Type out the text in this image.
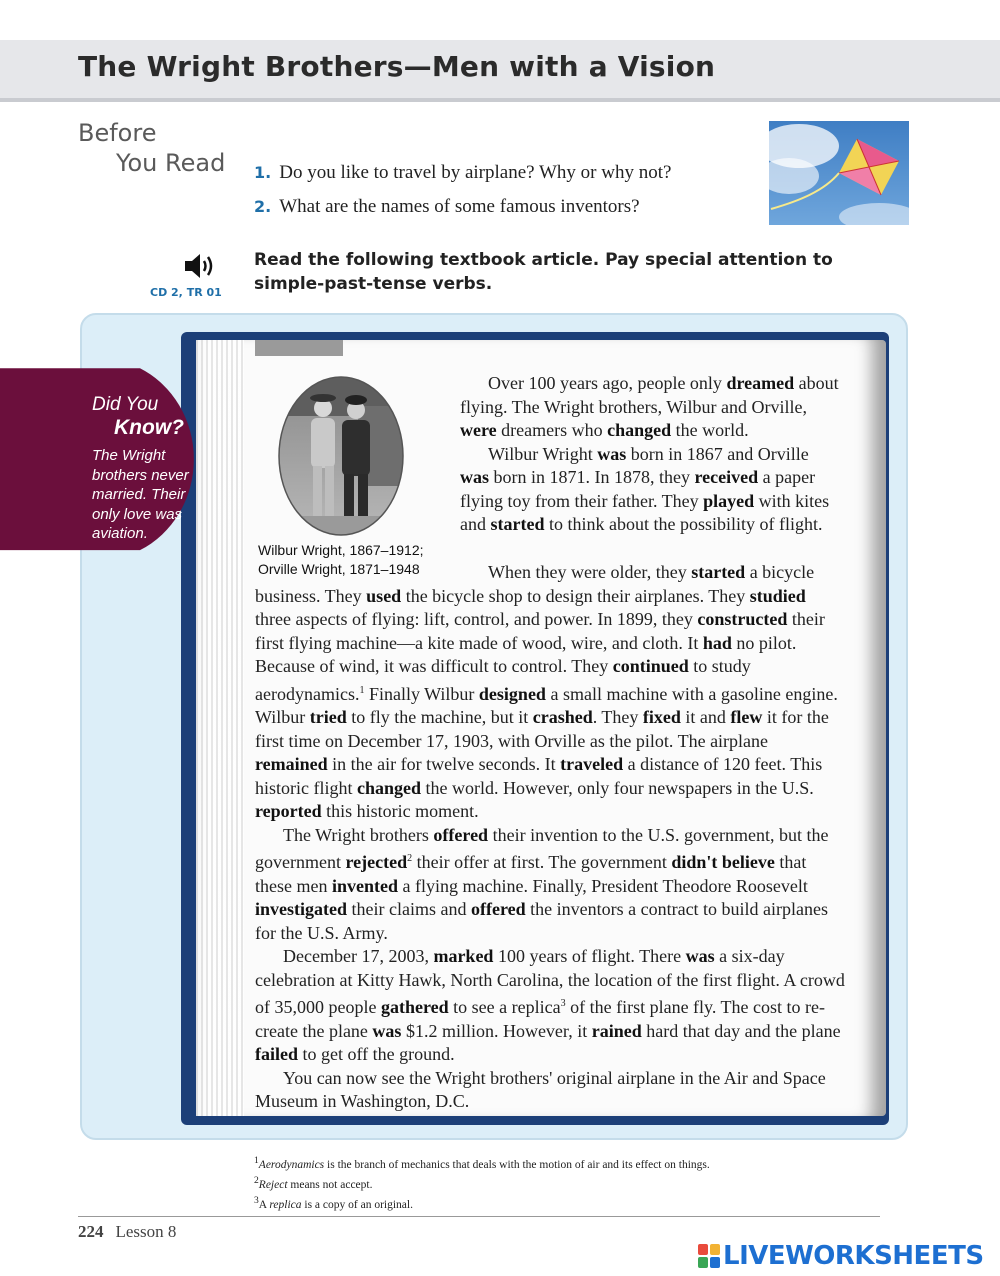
The Wright Brothers—Men with a Vision
Before
You Read 1. Do you like to travel by airplane? Why or why not?
2. What are the names of some famous inventors?
CD 2, TR 01
Read the following textbook article. Pay special attention to simple-past-tense verbs.
Wilbur Wright, 1867–1912;
Orville Wright, 1871–1948

Over 100 years ago, people only dreamed about flying. The Wright brothers, Wilbur and Orville, were dreamers who changed the world.
Wilbur Wright was born in 1867 and Orville was born in 1871. In 1878, they received a paper flying toy from their father. They played with kites and started to think about the possibility of flight.

When they were older, they started a bicycle business. They used the bicycle shop to design their airplanes. They studied three aspects of flying: lift, control, and power. In 1899, they constructed their first flying machine—a kite made of wood, wire, and cloth. It had no pilot. Because of wind, it was difficult to control. They continued to study aerodynamics.$^1$ Finally Wilbur designed a small machine with a gasoline engine. Wilbur tried to fly the machine, but it crashed. They fixed it and flew it for the first time on December 17, 1903, with Orville as the pilot. The airplane remained in the air for twelve seconds. It traveled a distance of 120 feet. This historic flight changed the world. However, only four newspapers in the U.S. reported this historic moment.
The Wright brothers offered their invention to the U.S. government, but the government rejected$^2$ their offer at first. The government didn't believe that these men invented a flying machine. Finally, President Theodore Roosevelt investigated their claims and offered the inventors a contract to build airplanes for the U.S. Army.
December 17, 2003, marked 100 years of flight. There was a six-day celebration at Kitty Hawk, North Carolina, the location of the first flight. A crowd of 35,000 people gathered to see a replica$^3$ of the first plane fly. The cost to re-create the plane was $1.2 million. However, it rained hard that day and the plane failed to get off the ground.
You can now see the Wright brothers' original airplane in the Air and Space Museum in Washington, D.C.

Did You
Know?
The Wright brothers never married. Their only love was aviation.
$^1$Aerodynamics is the branch of mechanics that deals with the motion of air and its effect on things.
$^2$Reject means not accept.
$^3$A replica is a copy of an original.
224 Lesson 8
LIVEWORKSHEETS
